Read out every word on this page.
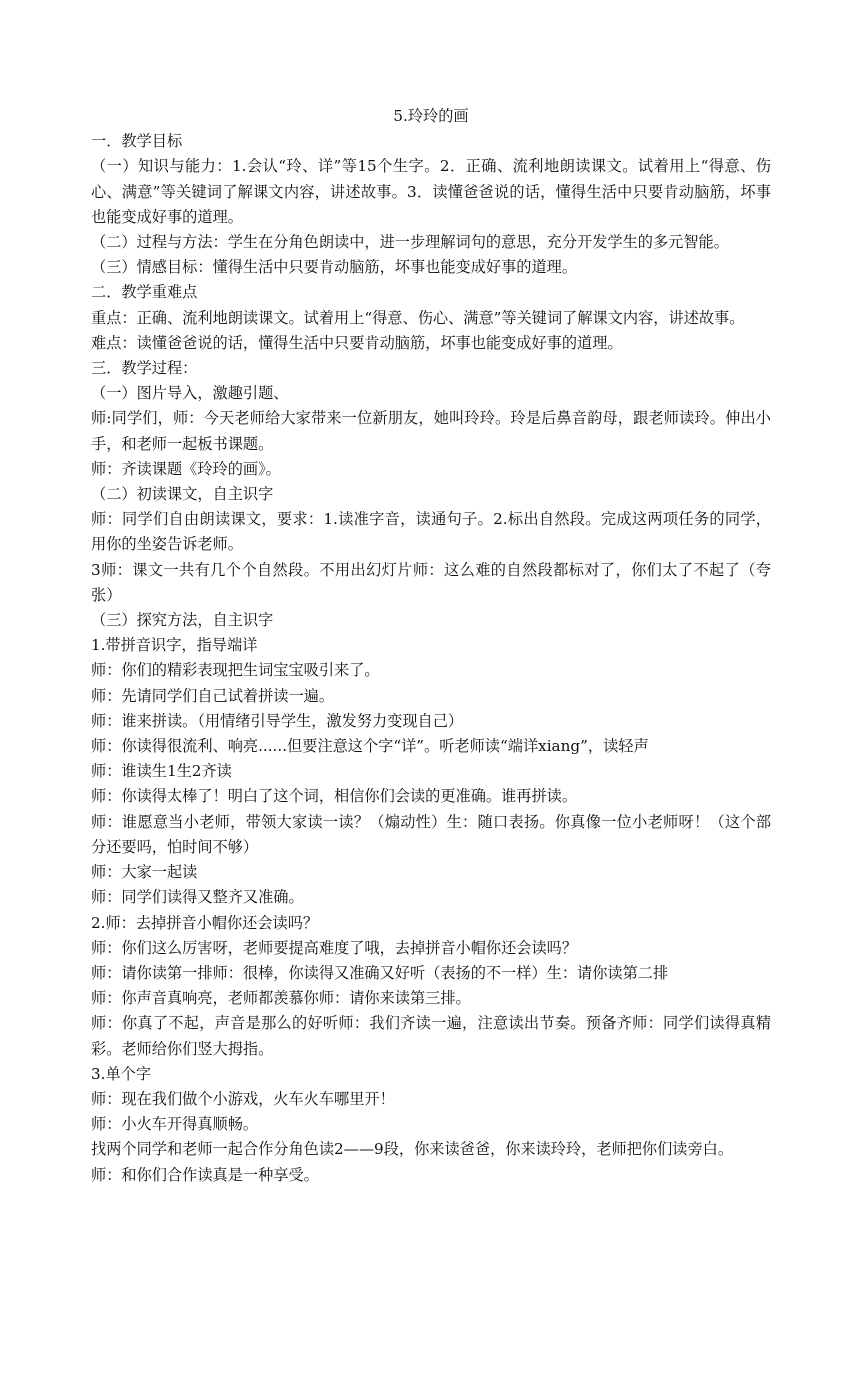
5.玲玲的画

一．教学目标

（一）知识与能力：1.会认“玲、详”等15个生字。2．正确、流利地朗读课文。试着用上“得意、伤心、满意”等关键词了解课文内容，讲述故事。3．读懂爸爸说的话，懂得生活中只要肯动脑筋，坏事也能变成好事的道理。

（二）过程与方法：学生在分角色朗读中，进一步理解词句的意思，充分开发学生的多元智能。

（三）情感目标：懂得生活中只要肯动脑筋，坏事也能变成好事的道理。

二．教学重难点

重点：正确、流利地朗读课文。试着用上“得意、伤心、满意”等关键词了解课文内容，讲述故事。

难点：读懂爸爸说的话，懂得生活中只要肯动脑筋，坏事也能变成好事的道理。

三．教学过程：

（一）图片导入，激趣引题、

师:同学们，师：今天老师给大家带来一位新朋友，她叫玲玲。玲是后鼻音韵母，跟老师读玲。伸出小手，和老师一起板书课题。

师：齐读课题《玲玲的画》。

（二）初读课文，自主识字

师：同学们自由朗读课文，要求：1.读准字音，读通句子。2.标出自然段。完成这两项任务的同学，用你的坐姿告诉老师。

3师：课文一共有几个个自然段。不用出幻灯片师：这么难的自然段都标对了，你们太了不起了（夸张）

（三）探究方法，自主识字

1.带拼音识字，指导端详

师：你们的精彩表现把生词宝宝吸引来了。

师：先请同学们自己试着拼读一遍。

师：谁来拼读。（用情绪引导学生，激发努力变现自己）

师：你读得很流利、响亮......但要注意这个字“详”。听老师读“端详xiang”，读轻声

师：谁读生1生2齐读

师：你读得太棒了！明白了这个词，相信你们会读的更准确。谁再拼读。

师：谁愿意当小老师，带领大家读一读？（煽动性）生：随口表扬。你真像一位小老师呀！（这个部分还要吗，怕时间不够）

师：大家一起读

师：同学们读得又整齐又准确。

2.师：去掉拼音小帽你还会读吗？

师：你们这么厉害呀，老师要提高难度了哦，去掉拼音小帽你还会读吗？

师：请你读第一排师：很棒，你读得又准确又好听（表扬的不一样）生：请你读第二排

师：你声音真响亮，老师都羡慕你师：请你来读第三排。

师：你真了不起，声音是那么的好听师：我们齐读一遍，注意读出节奏。预备齐师：同学们读得真精彩。老师给你们竖大拇指。

3.单个字

师：现在我们做个小游戏，火车火车哪里开！

师：小火车开得真顺畅。

找两个同学和老师一起合作分角色读2——9段，你来读爸爸，你来读玲玲，老师把你们读旁白。

师：和你们合作读真是一种享受。
